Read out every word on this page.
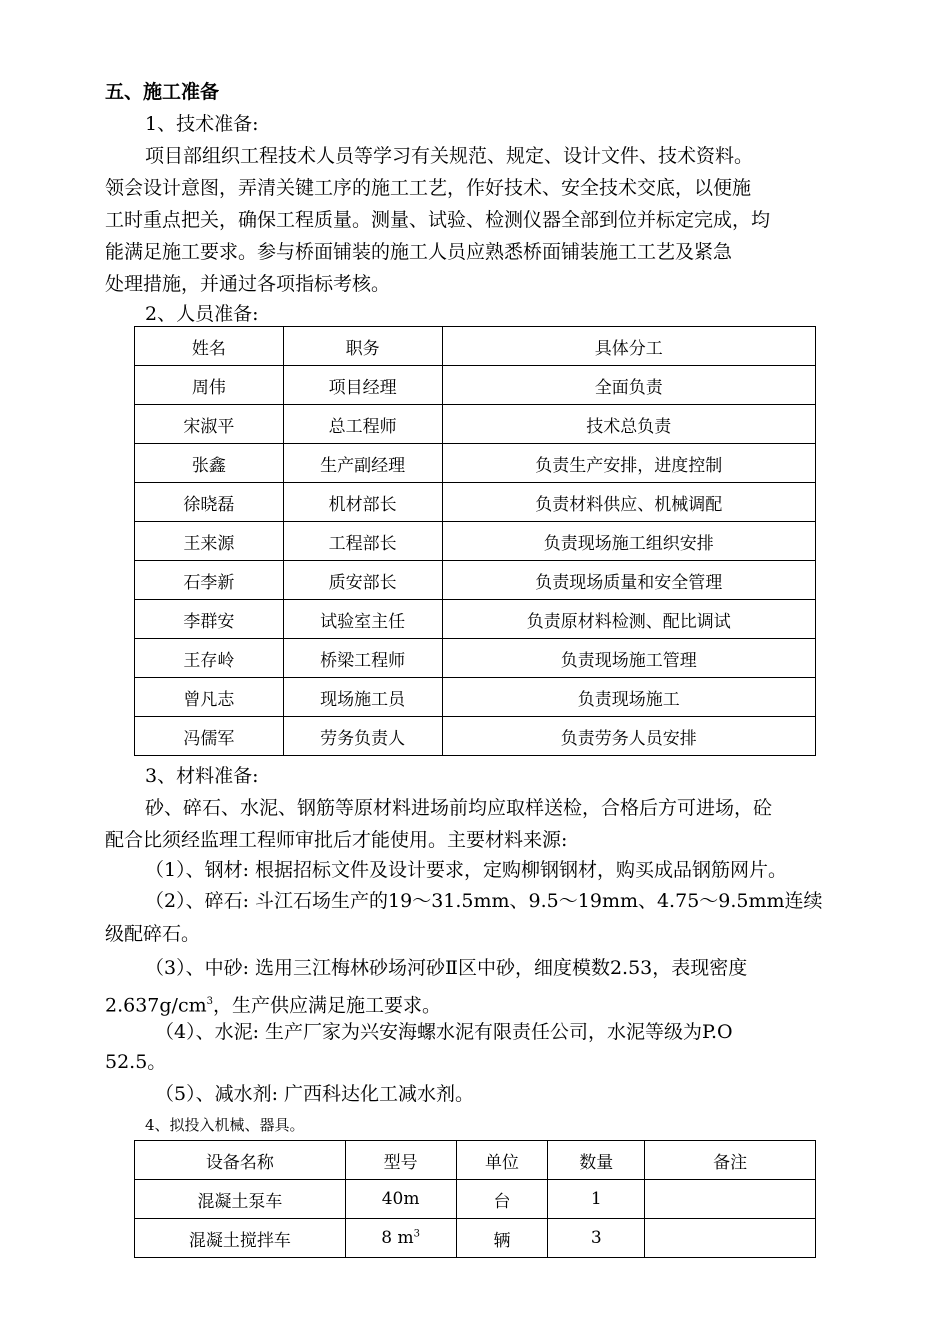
五、施工准备
1、技术准备:
项目部组织工程技术人员等学习有关规范、规定、设计文件、技术资料。
领会设计意图，弄清关键工序的施工工艺，作好技术、安全技术交底，以便施
工时重点把关，确保工程质量。测量、试验、检测仪器全部到位并标定完成，均
能满足施工要求。参与桥面铺装的施工人员应熟悉桥面铺装施工工艺及紧急
处理措施，并通过各项指标考核。
2、人员准备:
姓名	职务	具体分工
周伟	项目经理	全面负责
宋淑平	总工程师	技术总负责
张鑫	生产副经理	负责生产安排，进度控制
徐晓磊	机材部长	负责材料供应、机械调配
王来源	工程部长	负责现场施工组织安排
石李新	质安部长	负责现场质量和安全管理
李群安	试验室主任	负责原材料检测、配比调试
王存岭	桥梁工程师	负责现场施工管理
曾凡志	现场施工员	负责现场施工
冯儒军	劳务负责人	负责劳务人员安排
3、材料准备:
砂、碎石、水泥、钢筋等原材料进场前均应取样送检，合格后方可进场，砼
配合比须经监理工程师审批后才能使用。主要材料来源:
（1）、钢材: 根据招标文件及设计要求，定购柳钢钢材，购买成品钢筋网片。
（2）、碎石: 斗江石场生产的19～31.5mm、9.5～19mm、4.75～9.5mm连续
级配碎石。
（3）、中砂: 选用三江梅林砂场河砂Ⅱ区中砂，细度模数2.53，表现密度
$2.637g/cm^3$，生产供应满足施工要求。
（4）、水泥: 生产厂家为兴安海螺水泥有限责任公司，水泥等级为P.O
52.5。
（5）、减水剂: 广西科达化工减水剂。
4、拟投入机械、器具。
设备名称	型号	单位	数量	备注
混凝土泵车	40m	台	1	
混凝土搅拌车	8 $m^3$	辆	3	
